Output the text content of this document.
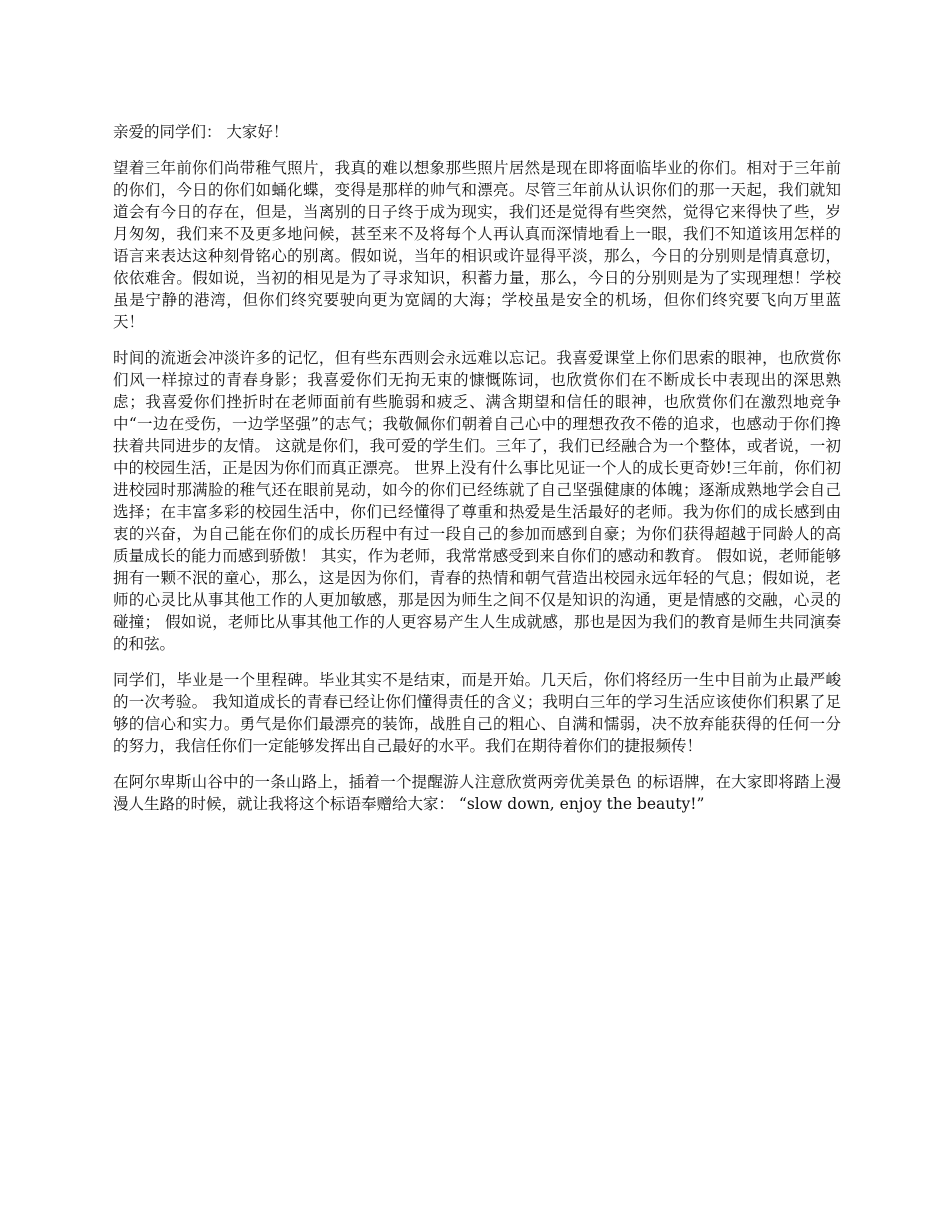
亲爱的同学们： 大家好！

望着三年前你们尚带稚气照片，我真的难以想象那些照片居然是现在即将面临毕业的你们。相对于三年前的你们，今日的你们如蛹化蝶，变得是那样的帅气和漂亮。尽管三年前从认识你们的那一天起，我们就知道会有今日的存在，但是，当离别的日子终于成为现实，我们还是觉得有些突然，觉得它来得快了些，岁月匆匆，我们来不及更多地问候，甚至来不及将每个人再认真而深情地看上一眼，我们不知道该用怎样的语言来表达这种刻骨铭心的别离。假如说，当年的相识或许显得平淡，那么，今日的分别则是情真意切，依依难舍。假如说，当初的相见是为了寻求知识，积蓄力量，那么，今日的分别则是为了实现理想！学校虽是宁静的港湾，但你们终究要驶向更为宽阔的大海；学校虽是安全的机场，但你们终究要飞向万里蓝天！

时间的流逝会冲淡许多的记忆，但有些东西则会永远难以忘记。我喜爱课堂上你们思索的眼神，也欣赏你们风一样掠过的青春身影；我喜爱你们无拘无束的慷慨陈词，也欣赏你们在不断成长中表现出的深思熟虑；我喜爱你们挫折时在老师面前有些脆弱和疲乏、满含期望和信任的眼神，也欣赏你们在激烈地竞争中“一边在受伤，一边学坚强”的志气；我敬佩你们朝着自己心中的理想孜孜不倦的追求，也感动于你们搀扶着共同进步的友情。 这就是你们，我可爱的学生们。三年了，我们已经融合为一个整体，或者说，一初中的校园生活，正是因为你们而真正漂亮。 世界上没有什么事比见证一个人的成长更奇妙!三年前，你们初进校园时那满脸的稚气还在眼前晃动，如今的你们已经练就了自己坚强健康的体魄；逐渐成熟地学会自己选择；在丰富多彩的校园生活中，你们已经懂得了尊重和热爱是生活最好的老师。我为你们的成长感到由衷的兴奋，为自己能在你们的成长历程中有过一段自己的参加而感到自豪；为你们获得超越于同龄人的高质量成长的能力而感到骄傲！ 其实，作为老师，我常常感受到来自你们的感动和教育。 假如说，老师能够拥有一颗不泯的童心，那么，这是因为你们，青春的热情和朝气营造出校园永远年轻的气息；假如说，老师的心灵比从事其他工作的人更加敏感，那是因为师生之间不仅是知识的沟通，更是情感的交融，心灵的碰撞； 假如说，老师比从事其他工作的人更容易产生人生成就感，那也是因为我们的教育是师生共同演奏的和弦。

同学们，毕业是一个里程碑。毕业其实不是结束，而是开始。几天后，你们将经历一生中目前为止最严峻的一次考验。 我知道成长的青春已经让你们懂得责任的含义；我明白三年的学习生活应该使你们积累了足够的信心和实力。勇气是你们最漂亮的装饰，战胜自己的粗心、自满和懦弱，决不放弃能获得的任何一分的努力，我信任你们一定能够发挥出自己最好的水平。我们在期待着你们的捷报频传！

在阿尔卑斯山谷中的一条山路上，插着一个提醒游人注意欣赏两旁优美景色 的标语牌，在大家即将踏上漫漫人生路的时候，就让我将这个标语奉赠给大家： “slow down, enjoy the beauty!”
